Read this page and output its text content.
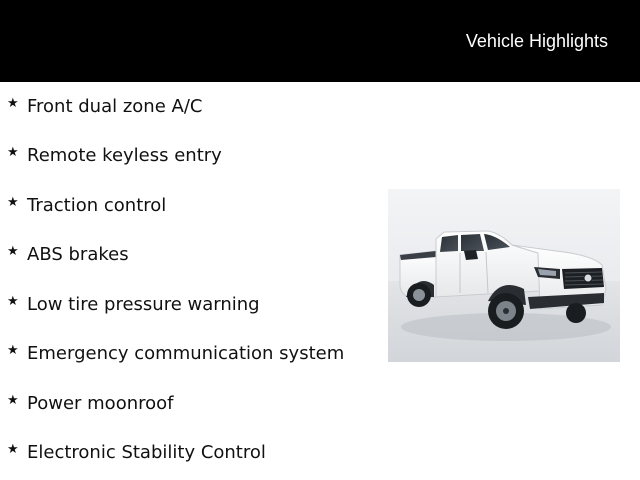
Vehicle Highlights
★ Front dual zone A/C
★ Remote keyless entry
★ Traction control
★ ABS brakes
★ Low tire pressure warning
★ Emergency communication system
★ Power moonroof
★ Electronic Stability Control
